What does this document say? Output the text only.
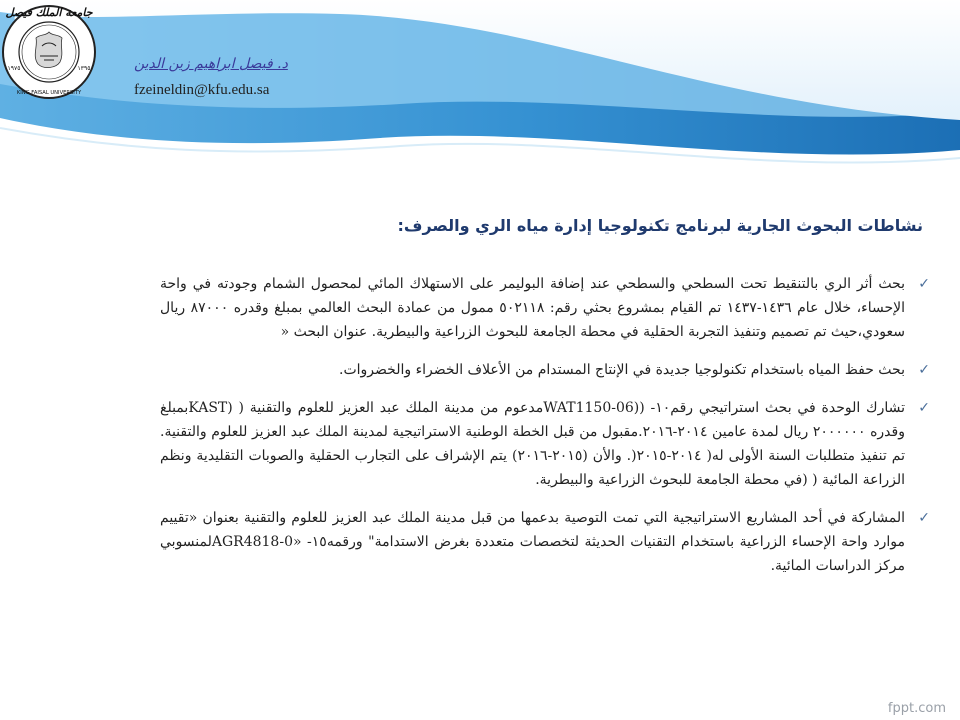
د. فيصل ابراهيم زين الدين
fzeineldin@kfu.edu.sa
جامعة الملك فيصل
KING FAISAL UNIVERSITY
١٩٧٥	١٣٩٥
نشاطات البحوث الجارية لبرنامج تكنولوجيا إدارة مياه الري والصرف:
✓
بحث أثر الري بالتنقيط تحت السطحي والسطحي عند إضافة البوليمر على الاستهلاك المائي لمحصول الشمام وجودته في واحة الإحساء، خلال عام ١٤٣٦-١٤٣٧ تم القيام بمشروع بحثي رقم: ٥٠٢١١٨ ممول من عمادة البحث العالمي بمبلغ وقدره ٨٧٠٠٠ ريال سعودي،حيث تم تصميم وتنفيذ التجربة الحقلية في محطة الجامعة للبحوث الزراعية والبيطرية. عنوان البحث «
✓
بحث حفظ المياه باستخدام تكنولوجيا جديدة في الإنتاج المستدام من الأعلاف الخضراء والخضروات.
✓
تشارك الوحدة في بحث استراتيجي رقم١٠- ((WAT1150-06مدعوم من مدينة الملك عبد العزيز للعلوم والتقنية ( (KASTبمبلغ وقدره ٢٠٠٠٠٠٠ ريال لمدة عامين ٢٠١٤-٢٠١٦.مقبول من قبل الخطة الوطنية الاستراتيجية لمدينة الملك عبد العزيز للعلوم والتقنية. تم تنفيذ متطلبات السنة الأولى له( ٢٠١٤-٢٠١٥(. والأن (٢٠١٥-٢٠١٦) يتم الإشراف على التجارب الحقلية والصوبات التقليدية ونظم الزراعة المائية ( (في محطة الجامعة للبحوث الزراعية والبيطرية.
✓
المشاركة في أحد المشاريع الاستراتيجية التي تمت التوصية بدعمها من قبل مدينة الملك عبد العزيز للعلوم والتقنية بعنوان «تقييم موارد واحة الإحساء الزراعية باستخدام التقنيات الحديثة لتخصصات متعددة بغرض الاستدامة" ورقمه١٥- «AGR4818-0لمنسوبي مركز الدراسات المائية.
fppt.com
